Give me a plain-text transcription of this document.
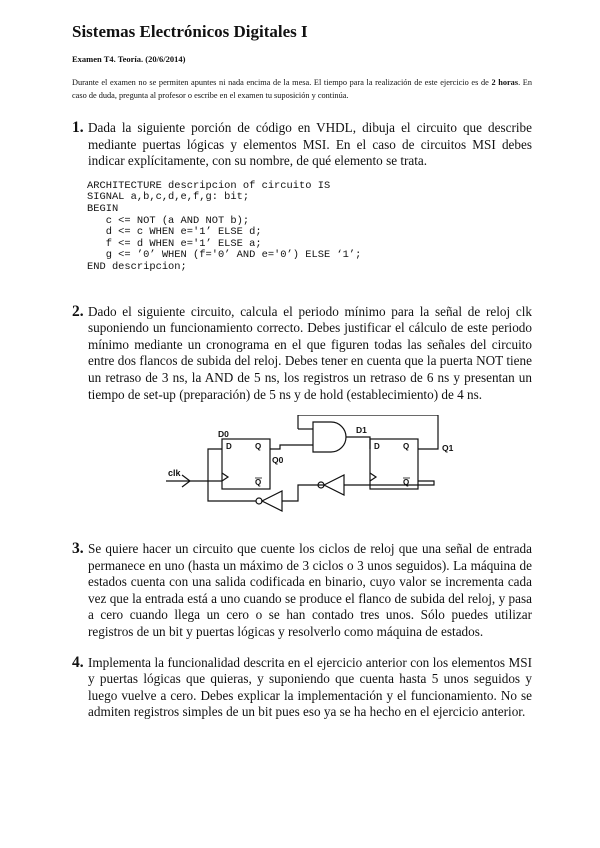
Sistemas Electrónicos Digitales I
Examen T4. Teoría. (20/6/2014)
Durante el examen no se permiten apuntes ni nada encima de la mesa. El tiempo para la realización de este ejercicio es de 2 horas. En caso de duda, pregunta al profesor o escribe en el examen tu suposición y continúa.
1. Dada la siguiente porción de código en VHDL, dibuja el circuito que describe mediante puertas lógicas y elementos MSI. En el caso de circuitos MSI debes indicar explícitamente, con su nombre, de qué elemento se trata.
ARCHITECTURE descripcion of circuito IS
SIGNAL a,b,c,d,e,f,g: bit;
BEGIN
c <= NOT (a AND NOT b);
d <= c WHEN e='1’ ELSE d;
f <= d WHEN e='1’ ELSE a;
g <= ’0’ WHEN (f='0’ AND e='0’) ELSE ‘1’;
END descripcion;
2. Dado el siguiente circuito, calcula el periodo mínimo para la señal de reloj clk suponiendo un funcionamiento correcto. Debes justificar el cálculo de este periodo mínimo mediante un cronograma en el que figuren todas las señales del circuito entre dos flancos de subida del reloj. Debes tener en cuenta que la puerta NOT tiene un retraso de 3 ns, la AND de 5 ns, los registros un retraso de 6 ns y presentan un tiempo de set-up (preparación) de 5 ns y de hold (establecimiento) de 4 ns.
D	Q
Q
D	Q
Q
D0
Q0
D1
Q1
clk
3. Se quiere hacer un circuito que cuente los ciclos de reloj que una señal de entrada permanece en uno (hasta un máximo de 3 ciclos o 3 unos seguidos). La máquina de estados cuenta con una salida codificada en binario, cuyo valor se incrementa cada vez que la entrada está a uno cuando se produce el flanco de subida del reloj, y pasa a cero cuando llega un cero o se han contado tres unos. Sólo puedes utilizar registros de un bit y puertas lógicas y resolverlo como máquina de estados.
4. Implementa la funcionalidad descrita en el ejercicio anterior con los elementos MSI y puertas lógicas que quieras, y suponiendo que cuenta hasta 5 unos seguidos y luego vuelve a cero. Debes explicar la implementación y el funcionamiento. No se admiten registros simples de un bit pues eso ya se ha hecho en el ejercicio anterior.
